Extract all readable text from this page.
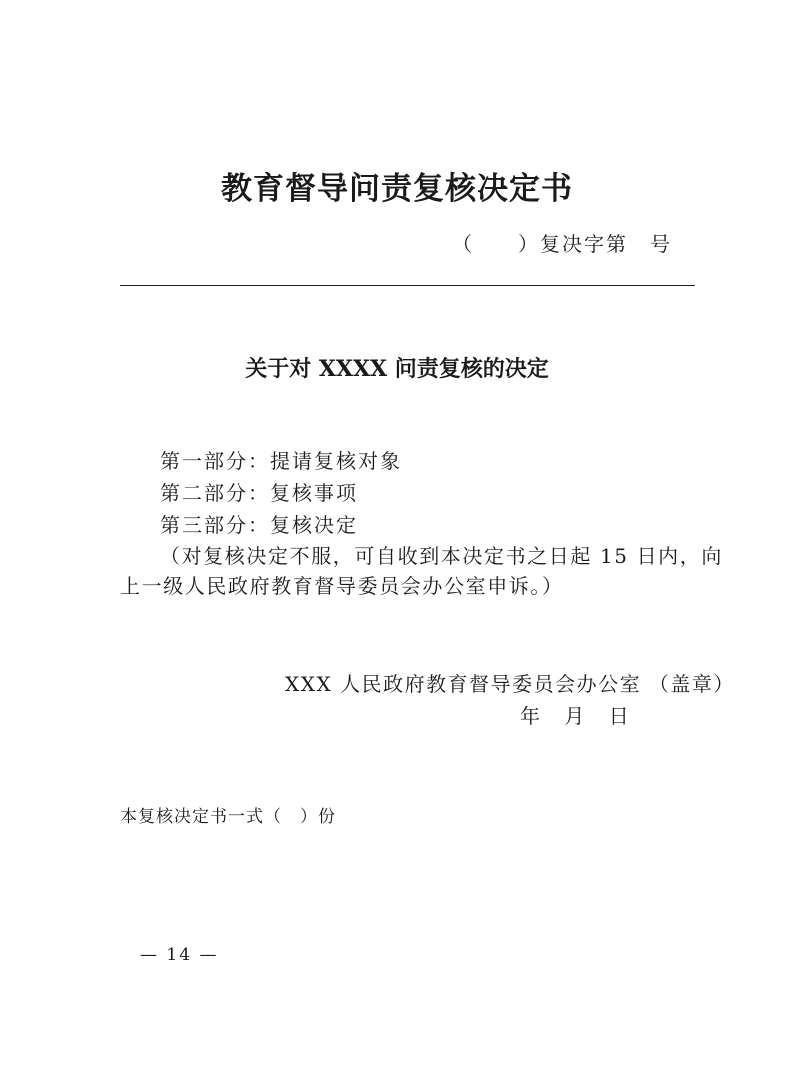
教育督导问责复核决定书
（　　）复决字第　号
关于对 XXXX 问责复核的决定
第一部分：提请复核对象
第二部分：复核事项
第三部分：复核决定
（对复核决定不服，可自收到本决定书之日起 15 日内，向
上一级人民政府教育督导委员会办公室申诉。）
XXX 人民政府教育督导委员会办公室 （盖章）
年 月 日
本复核决定书一式（　）份
— 14 —
